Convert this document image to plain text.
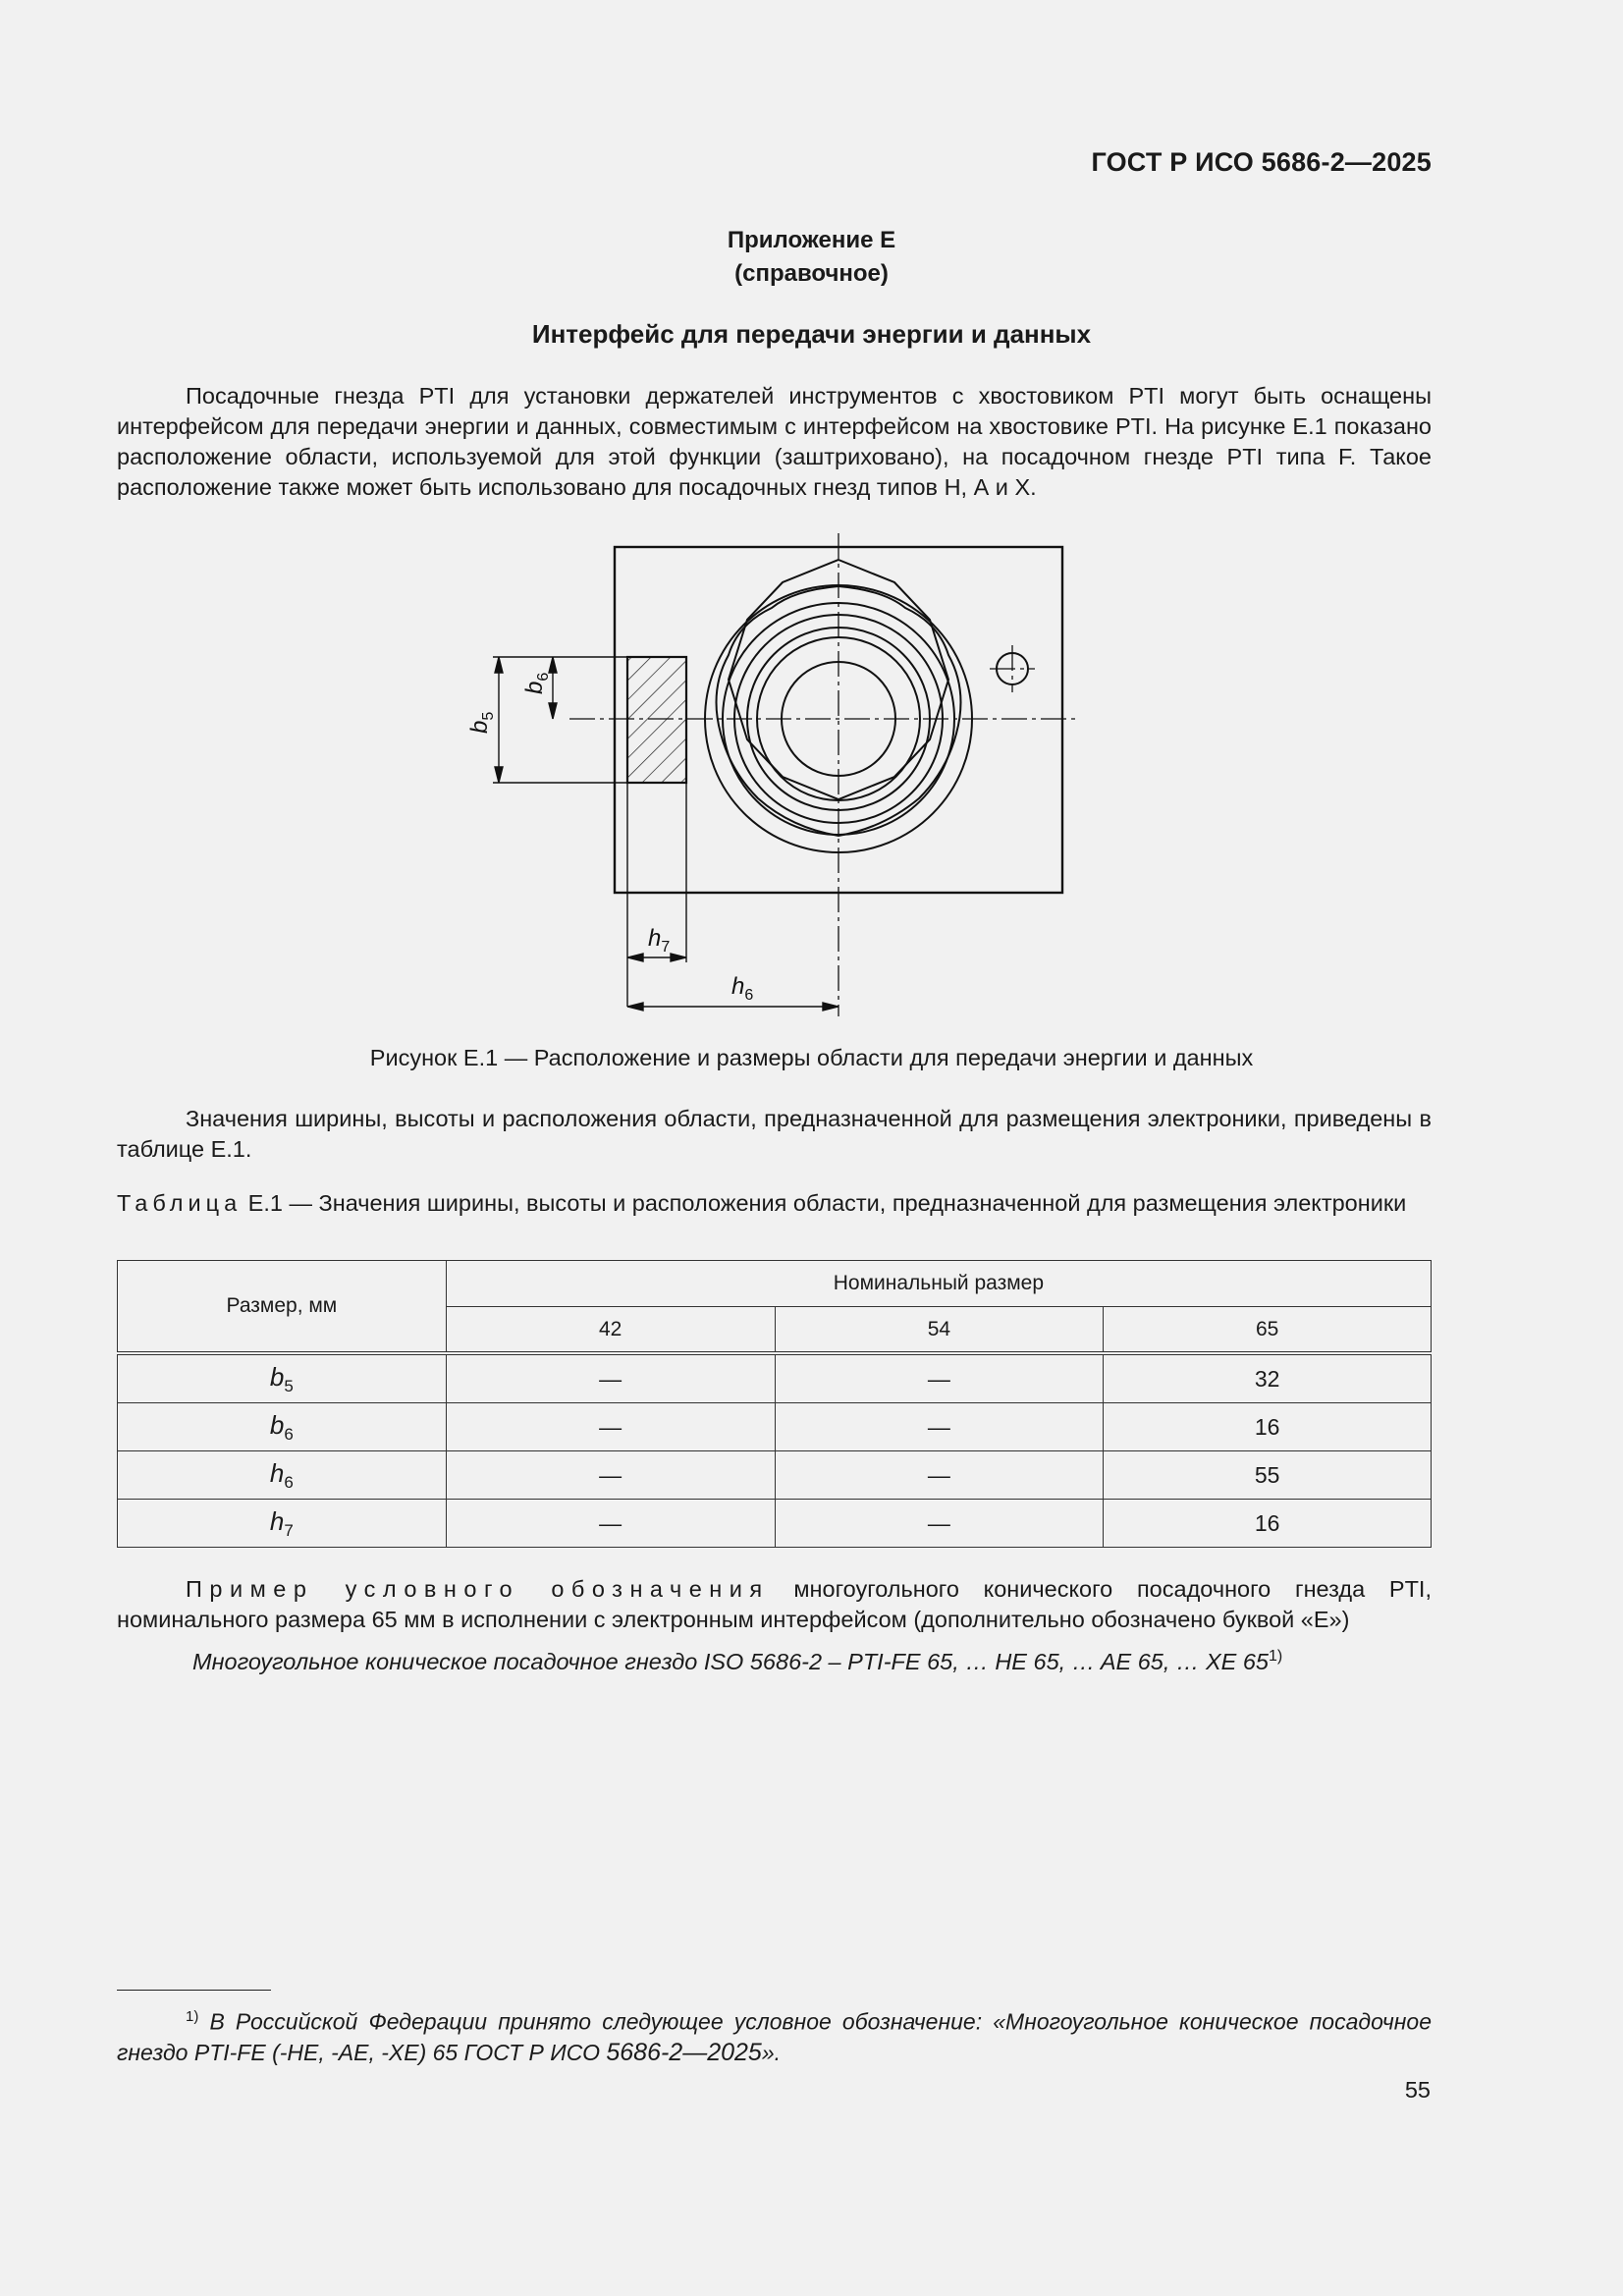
ГОСТ Р ИСО 5686-2—2025
Приложение Е
(справочное)
Интерфейс для передачи энергии и данных
Посадочные гнезда PTI для установки держателей инструментов с хвостовиком PTI могут быть оснащены интерфейсом для передачи энергии и данных, совместимым с интерфейсом на хвостовике PTI. На рисунке Е.1 показано расположение области, используемой для этой функции (заштриховано), на посадочном гнезде PTI типа F. Такое расположение также может быть использовано для посадочных гнезд типов Н, А и X.
$b_5$
$b_6$
$h_7$
$h_6$
Рисунок Е.1 — Расположение и размеры области для передачи энергии и данных
Значения ширины, высоты и расположения области, предназначенной для размещения электроники, приведены в таблице Е.1.
Таблица Е.1 — Значения ширины, высоты и расположения области, предназначенной для размещения электроники
Размер, мм	Номинальный размер		
	42	54	65
$b_5$	—	—	32
$b_6$	—	—	16
$h_6$	—	—	55
$h_7$	—	—	16
Пример условного обозначения многоугольного конического посадочного гнезда PTI, номинального размера 65 мм в исполнении с электронным интерфейсом (дополнительно обозначено буквой «E»)
Многоугольное коническое посадочное гнездо ISO 5686-2 – PTI-FE 65, … HE 65, … AE 65, … XE 65$^{1)}$
$^{1)}$ В Российской Федерации принято следующее условное обозначение: «Многоугольное коническое посадочное гнездо PTI-FE (-HE, -AE, -XE) 65 ГОСТ Р ИСО 5686-2—2025».
55
